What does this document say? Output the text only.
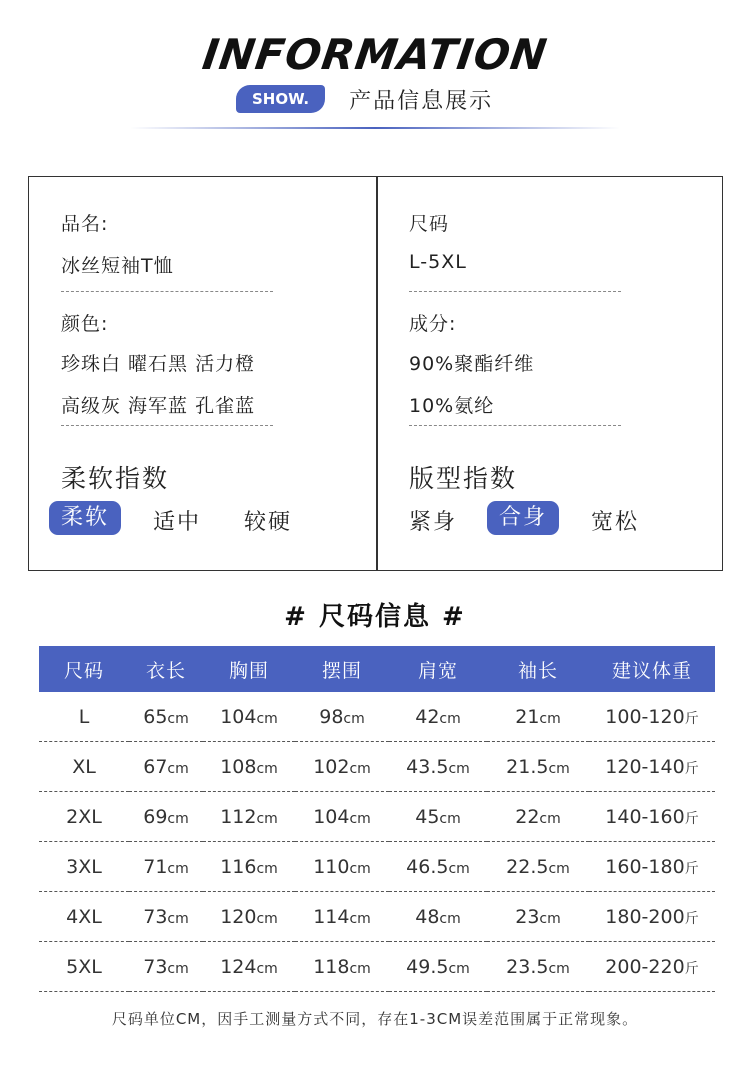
INFORMATION
SHOW.	产品信息展示
品名:
冰丝短袖T恤
颜色:
珍珠白 曜石黑 活力橙
高级灰 海军蓝 孔雀蓝
柔软指数
柔软	适中 较硬
尺码
L-5XL
成分:
90%聚酯纤维
10%氨纶
版型指数
紧身	合身	宽松
# 尺码信息 #
尺码	衣长	胸围	摆围	肩宽	袖长	建议体重
L	65cm	104cm	98cm	42cm	21cm	100-120斤
XL	67cm	108cm	102cm	43.5cm	21.5cm	120-140斤
2XL	69cm	112cm	104cm	45cm	22cm	140-160斤
3XL	71cm	116cm	110cm	46.5cm	22.5cm	160-180斤
4XL	73cm	120cm	114cm	48cm	23cm	180-200斤
5XL	73cm	124cm	118cm	49.5cm	23.5cm	200-220斤
尺码单位CM，因手工测量方式不同，存在1-3CM误差范围属于正常现象。
